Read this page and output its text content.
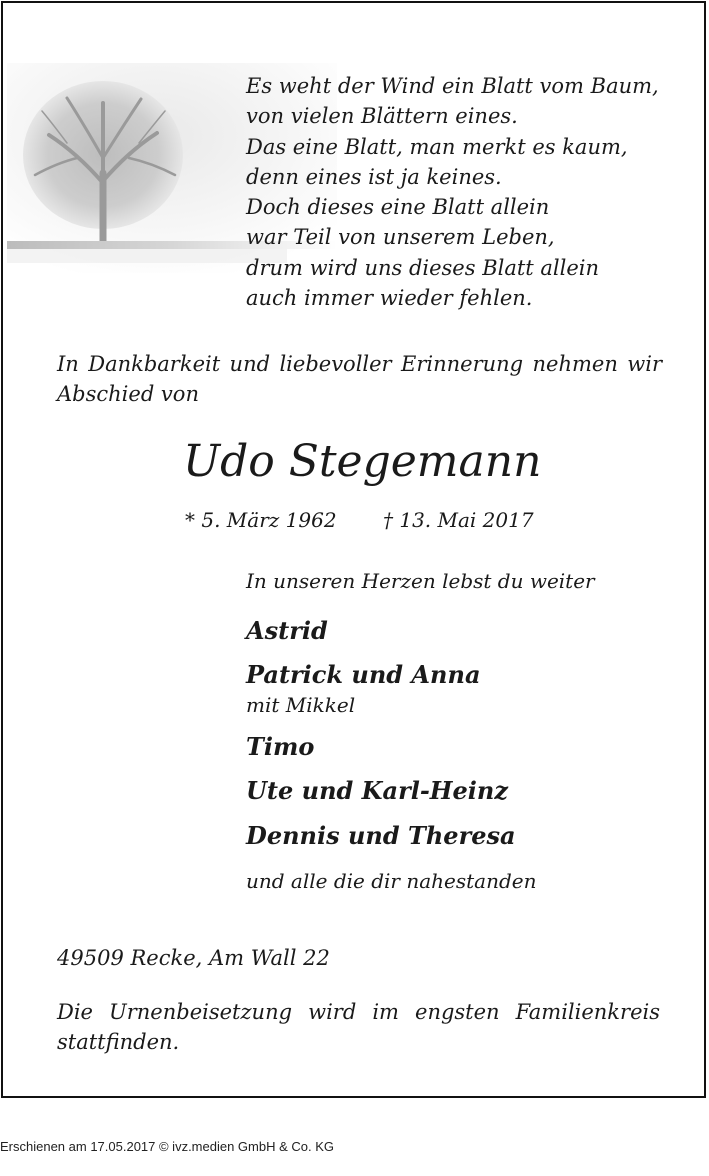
Es weht der Wind ein Blatt vom Baum,
von vielen Blättern eines.
Das eine Blatt, man merkt es kaum,
denn eines ist ja keines.
Doch dieses eine Blatt allein
war Teil von unserem Leben,
drum wird uns dieses Blatt allein
auch immer wieder fehlen.
In Dankbarkeit und liebevoller Erinnerung nehmen wir Abschied von
Udo Stegemann
* 5. März 1962 † 13. Mai 2017
In unseren Herzen lebst du weiter
Astrid
Patrick und Anna
mit Mikkel
Timo
Ute und Karl-Heinz
Dennis und Theresa
und alle die dir nahestanden
49509 Recke, Am Wall 22
Die Urnenbeisetzung wird im engsten Familienkreis stattfinden.
Erschienen am 17.05.2017 © ivz.medien GmbH & Co. KG
